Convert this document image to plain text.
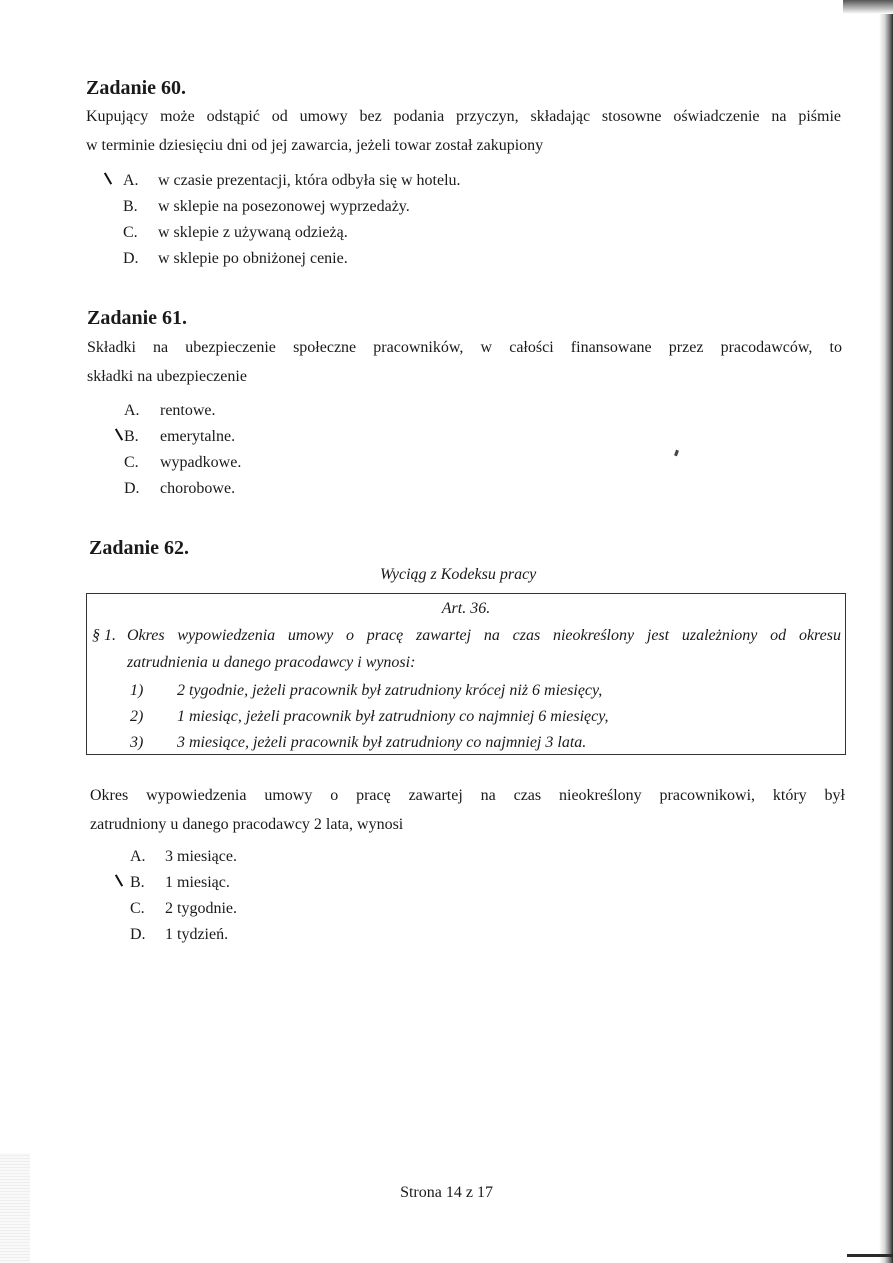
Zadanie 60.
Kupujący może odstąpić od umowy bez podania przyczyn, składając stosowne oświadczenie na piśmie
w terminie dziesięciu dni od jej zawarcia, jeżeli towar został zakupiony
A. w czasie prezentacji, która odbyła się w hotelu.
B. w sklepie na posezonowej wyprzedaży.
C. w sklepie z używaną odzieżą.
D. w sklepie po obniżonej cenie.
Zadanie 61.
Składki na ubezpieczenie społeczne pracowników, w całości finansowane przez pracodawców, to
składki na ubezpieczenie
A. rentowe.
B. emerytalne.
C. wypadkowe.
D. chorobowe.
Zadanie 62.
Wyciąg z Kodeksu pracy
Art. 36.
§ 1. Okres wypowiedzenia umowy o pracę zawartej na czas nieokreślony jest uzależniony od okresu
zatrudnienia u danego pracodawcy i wynosi:
1) 2 tygodnie, jeżeli pracownik był zatrudniony krócej niż 6 miesięcy,
2) 1 miesiąc, jeżeli pracownik był zatrudniony co najmniej 6 miesięcy,
3) 3 miesiące, jeżeli pracownik był zatrudniony co najmniej 3 lata.
Okres wypowiedzenia umowy o pracę zawartej na czas nieokreślony pracownikowi, który był
zatrudniony u danego pracodawcy 2 lata, wynosi
A. 3 miesiące.
B. 1 miesiąc.
C. 2 tygodnie.
D. 1 tydzień.
Strona 14 z 17
